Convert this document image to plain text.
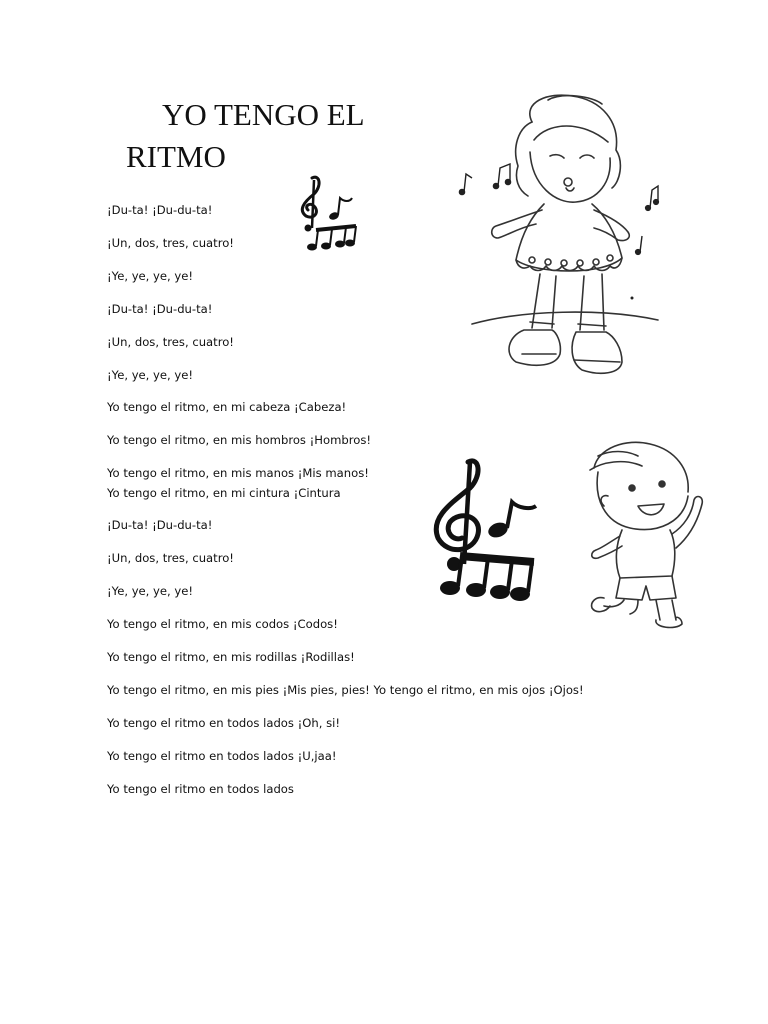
YO TENGO EL
RITMO
¡Du-ta! ¡Du-du-ta!
¡Un, dos, tres, cuatro!
¡Ye, ye, ye, ye!
¡Du-ta! ¡Du-du-ta!
¡Un, dos, tres, cuatro!
¡Ye, ye, ye, ye!
Yo tengo el ritmo, en mi cabeza ¡Cabeza!
Yo tengo el ritmo, en mis hombros ¡Hombros!
Yo tengo el ritmo, en mis manos ¡Mis manos!
Yo tengo el ritmo, en mi cintura ¡Cintura
¡Du-ta! ¡Du-du-ta!
¡Un, dos, tres, cuatro!
¡Ye, ye, ye, ye!
Yo tengo el ritmo, en mis codos ¡Codos!
Yo tengo el ritmo, en mis rodillas ¡Rodillas!
Yo tengo el ritmo, en mis pies ¡Mis pies, pies! Yo tengo el ritmo, en mis ojos ¡Ojos!
Yo tengo el ritmo en todos lados ¡Oh, si!
Yo tengo el ritmo en todos lados ¡U,jaa!
Yo tengo el ritmo en todos lados
